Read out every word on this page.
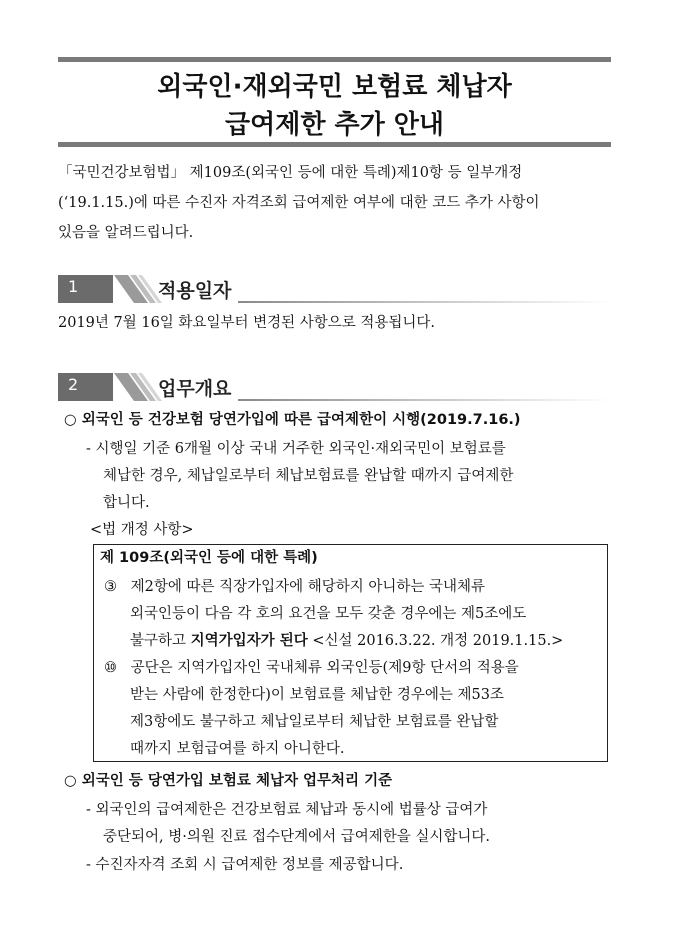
외국인·재외국민 보험료 체납자
급여제한 추가 안내
「국민건강보험법」 제109조(외국인 등에 대한 특례)제10항 등 일부개정
(‘19.1.15.)에 따른 수진자 자격조회 급여제한 여부에 대한 코드 추가 사항이
있음을 알려드립니다.
1	적용일자
2019년 7월 16일 화요일부터 변경된 사항으로 적용됩니다.
2	업무개요
○ 외국인 등 건강보험 당연가입에 따른 급여제한이 시행(2019.7.16.)
- 시행일 기준 6개월 이상 국내 거주한 외국인·재외국민이 보험료를
체납한 경우, 체납일로부터 체납보험료를 완납할 때까지 급여제한
합니다.
<법 개정 사항>
제 109조(외국인 등에 대한 특례)
③ 제2항에 따른 직장가입자에 해당하지 아니하는 국내체류
외국인등이 다음 각 호의 요건을 모두 갖춘 경우에는 제5조에도
불구하고 지역가입자가 된다 <신설 2016.3.22. 개정 2019.1.15.>
⑩ 공단은 지역가입자인 국내체류 외국인등(제9항 단서의 적용을
받는 사람에 한정한다)이 보험료를 체납한 경우에는 제53조
제3항에도 불구하고 체납일로부터 체납한 보험료를 완납할
때까지 보험급여를 하지 아니한다.
○ 외국인 등 당연가입 보험료 체납자 업무처리 기준
- 외국인의 급여제한은 건강보험료 체납과 동시에 법률상 급여가
중단되어, 병·의원 진료 접수단계에서 급여제한을 실시합니다.
- 수진자자격 조회 시 급여제한 정보를 제공합니다.
